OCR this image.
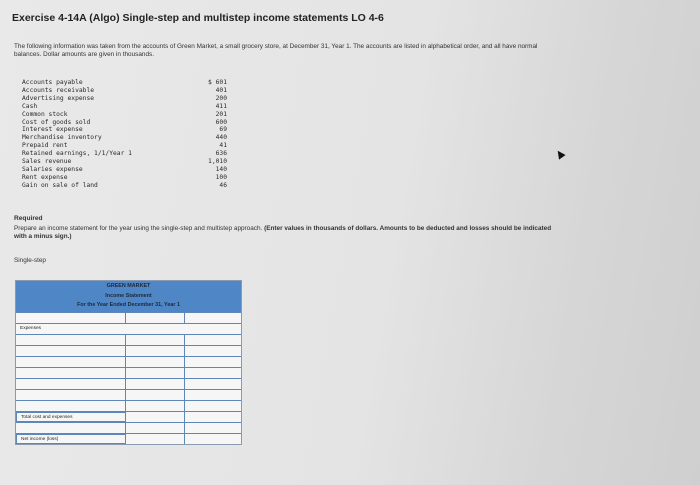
Exercise 4-14A (Algo) Single-step and multistep income statements LO 4-6
The following information was taken from the accounts of Green Market, a small grocery store, at December 31, Year 1. The accounts are listed in alphabetical order, and all have normal balances. Dollar amounts are given in thousands.
Accounts payable	$ 601
Accounts receivable	401
Advertising expense	200
Cash	411
Common stock	201
Cost of goods sold	600
Interest expense	69
Merchandise inventory	440
Prepaid rent	41
Retained earnings, 1/1/Year 1	636
Sales revenue	1,010
Salaries expense	140
Rent expense	100
Gain on sale of land	46
Required
Prepare an income statement for the year using the single-step and multistep approach. (Enter values in thousands of dollars. Amounts to be deducted and losses should be indicated with a minus sign.)
Single-step
GREEN MARKET
Income Statement
For the Year Ended December 31, Year 1
Expenses
Total cost and expenses
Net income (loss)
